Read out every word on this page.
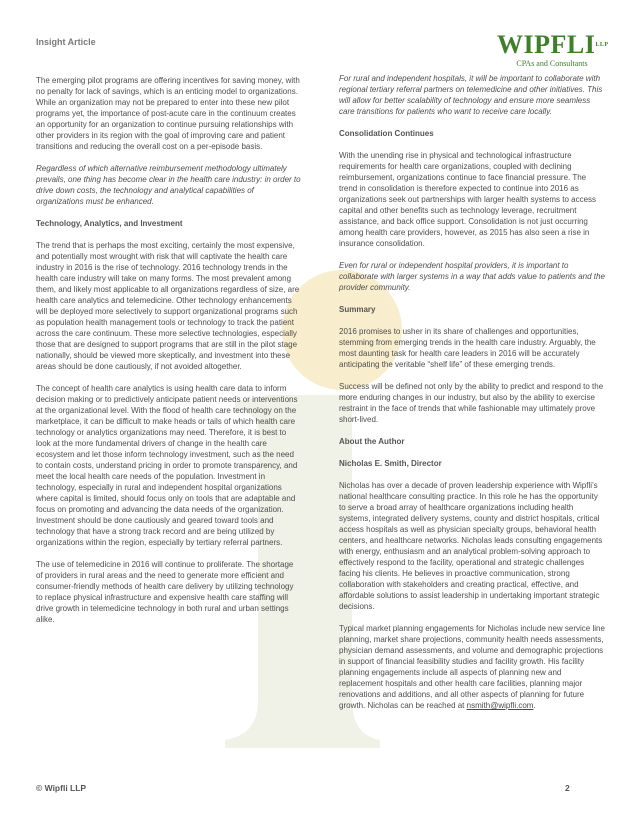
Insight Article	$WIPFLI^{LLP}$
CPAs and Consultants

The emerging pilot programs are offering incentives for saving money, with no penalty for lack of savings, which is an enticing model to organizations. While an organization may not be prepared to enter into these new pilot programs yet, the importance of post-acute care in the continuum creates an opportunity for an organization to continue pursuing relationships with other providers in its region with the goal of improving care and patient transitions and reducing the overall cost on a per-episode basis.

Regardless of which alternative reimbursement methodology ultimately prevails, one thing has become clear in the health care industry: in order to drive down costs, the technology and analytical capabilities of organizations must be enhanced.

Technology, Analytics, and Investment

The trend that is perhaps the most exciting, certainly the most expensive, and potentially most wrought with risk that will captivate the health care industry in 2016 is the rise of technology. 2016 technology trends in the health care industry will take on many forms. The most prevalent among them, and likely most applicable to all organizations regardless of size, are health care analytics and telemedicine. Other technology enhancements will be deployed more selectively to support organizational programs such as population health management tools or technology to track the patient across the care continuum. These more selective technologies, especially those that are designed to support programs that are still in the pilot stage nationally, should be viewed more skeptically, and investment into these areas should be done cautiously, if not avoided altogether.

The concept of health care analytics is using health care data to inform decision making or to predictively anticipate patient needs or interventions at the organizational level. With the flood of health care technology on the marketplace, it can be difficult to make heads or tails of which health care technology or analytics organizations may need. Therefore, it is best to look at the more fundamental drivers of change in the health care ecosystem and let those inform technology investment, such as the need to contain costs, understand pricing in order to promote transparency, and meet the local health care needs of the population. Investment in technology, especially in rural and independent hospital organizations where capital is limited, should focus only on tools that are adaptable and focus on promoting and advancing the data needs of the organization. Investment should be done cautiously and geared toward tools and technology that have a strong track record and are being utilized by organizations within the region, especially by tertiary referral partners.

The use of telemedicine in 2016 will continue to proliferate. The shortage of providers in rural areas and the need to generate more efficient and consumer-friendly methods of health care delivery by utilizing technology to replace physical infrastructure and expensive health care staffing will drive growth in telemedicine technology in both rural and urban settings alike.

For rural and independent hospitals, it will be important to collaborate with regional tertiary referral partners on telemedicine and other initiatives. This will allow for better scalability of technology and ensure more seamless care transitions for patients who want to receive care locally.

Consolidation Continues

With the unending rise in physical and technological infrastructure requirements for health care organizations, coupled with declining reimbursement, organizations continue to face financial pressure. The trend in consolidation is therefore expected to continue into 2016 as organizations seek out partnerships with larger health systems to access capital and other benefits such as technology leverage, recruitment assistance, and back office support. Consolidation is not just occurring among health care providers, however, as 2015 has also seen a rise in insurance consolidation.

Even for rural or independent hospital providers, it is important to collaborate with larger systems in a way that adds value to patients and the provider community.

Summary

2016 promises to usher in its share of challenges and opportunities, stemming from emerging trends in the health care industry. Arguably, the most daunting task for health care leaders in 2016 will be accurately anticipating the veritable “shelf life” of these emerging trends.

Success will be defined not only by the ability to predict and respond to the more enduring changes in our industry, but also by the ability to exercise restraint in the face of trends that while fashionable may ultimately prove short-lived.

About the Author
Nicholas E. Smith, Director

Nicholas has over a decade of proven leadership experience with Wipfli’s national healthcare consulting practice. In this role he has the opportunity to serve a broad array of healthcare organizations including health systems, integrated delivery systems, county and district hospitals, critical access hospitals as well as physician specialty groups, behavioral health centers, and healthcare networks. Nicholas leads consulting engagements with energy, enthusiasm and an analytical problem-solving approach to effectively respond to the facility, operational and strategic challenges facing his clients. He believes in proactive communication, strong collaboration with stakeholders and creating practical, effective, and affordable solutions to assist leadership in undertaking important strategic decisions.

Typical market planning engagements for Nicholas include new service line planning, market share projections, community health needs assessments, physician demand assessments, and volume and demographic projections in support of financial feasibility studies and facility growth. His facility planning engagements include all aspects of planning new and replacement hospitals and other health care facilities, planning major renovations and additions, and all other aspects of planning for future growth. Nicholas can be reached at nsmith@wipfli.com.

© Wipfli LLP	2
